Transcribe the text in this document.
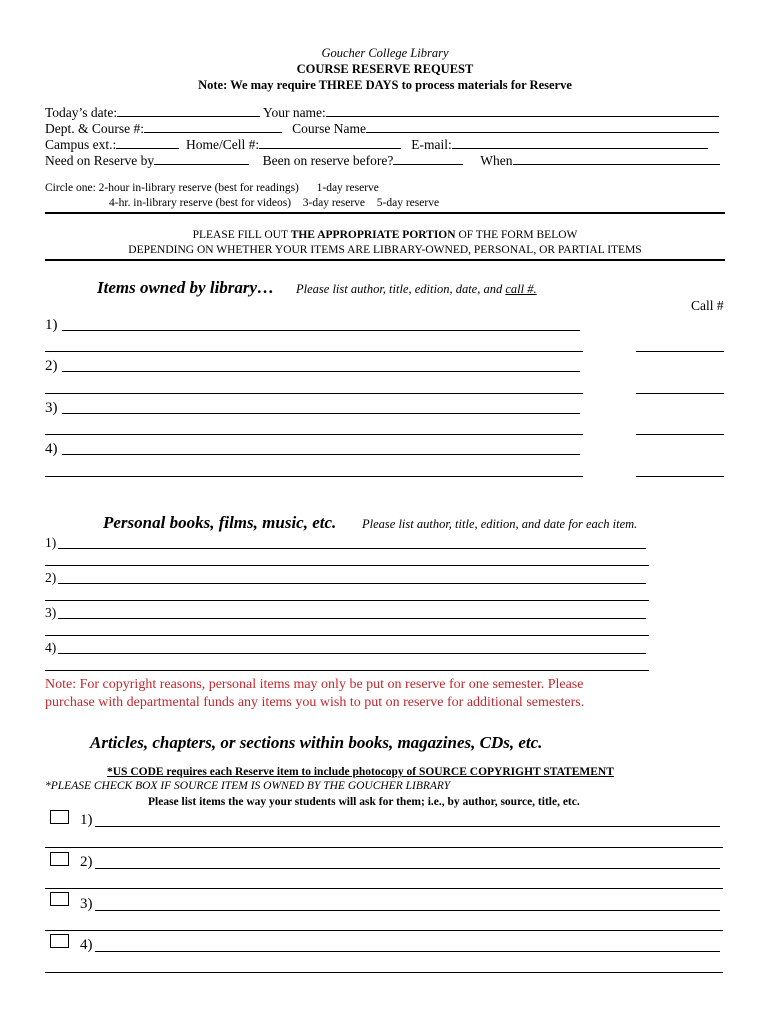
Goucher College Library
COURSE RESERVE REQUEST
Note: We may require THREE DAYS to process materials for Reserve
Today’s date:	Your name:
Dept. & Course #:	Course Name
Campus ext.:	Home/Cell #:	E-mail:
Need on Reserve by	Been on reserve before?	When
Circle one: 2-hour in-library reserve (best for readings) 1-day reserve
4-hr. in-library reserve (best for videos) 3-day reserve 5-day reserve
PLEASE FILL OUT THE APPROPRIATE PORTION OF THE FORM BELOW
DEPENDING ON WHETHER YOUR ITEMS ARE LIBRARY-OWNED, PERSONAL, OR PARTIAL ITEMS
Items owned by library… Please list author, title, edition, date, and call #.
Call #
1)
2)
3)
4)
Personal books, films, music, etc. Please list author, title, edition, and date for each item.
1)
2)
3)
4)
Note: For copyright reasons, personal items may only be put on reserve for one semester. Please
purchase with departmental funds any items you wish to put on reserve for additional semesters.
Articles, chapters, or sections within books, magazines, CDs, etc.
*US CODE requires each Reserve item to include photocopy of SOURCE COPYRIGHT STATEMENT
*PLEASE CHECK BOX IF SOURCE ITEM IS OWNED BY THE GOUCHER LIBRARY
Please list items the way your students will ask for them; i.e., by author, source, title, etc.
1)
2)
3)
4)
